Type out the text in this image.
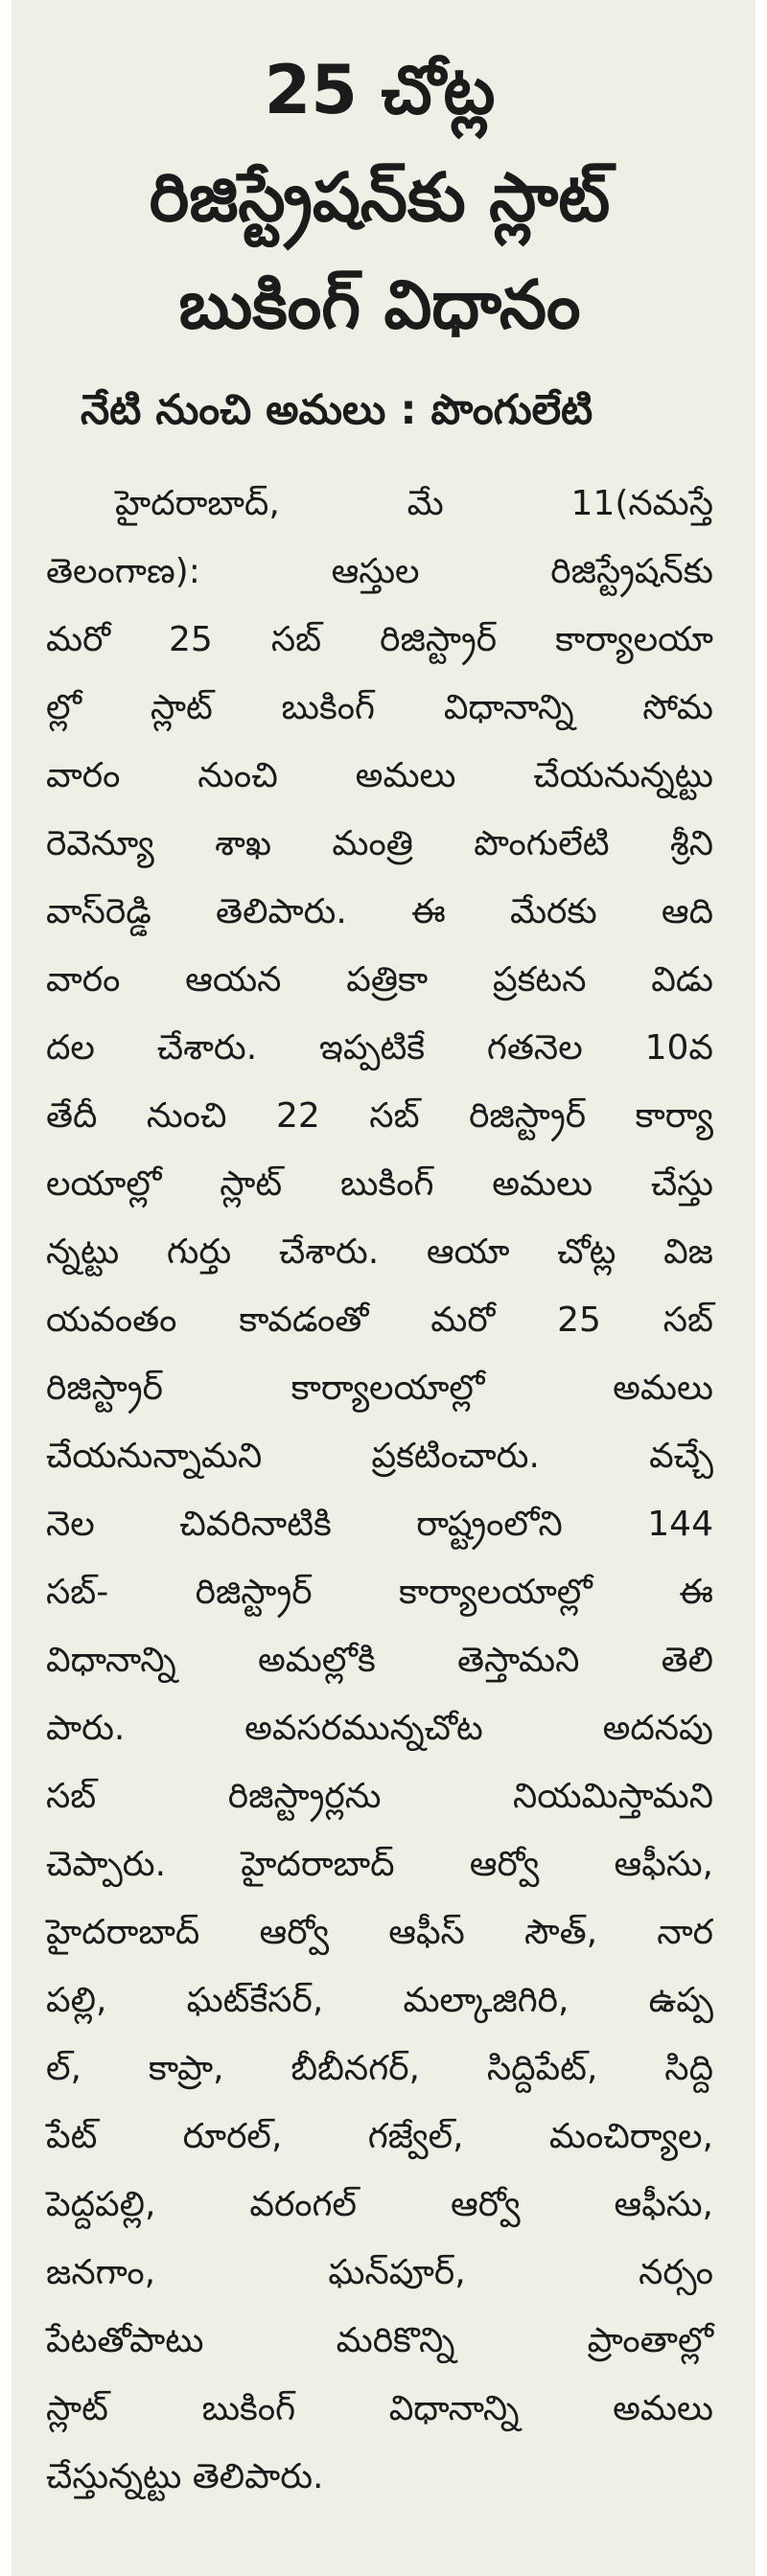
25 చోట్ల
రిజిస్ట్రేషన్‌కు స్లాట్‌
బుకింగ్‌ విధానం
నేటి నుంచి అమలు : పొంగులేటి
హైదరాబాద్‌, మే 11(నమస్తే
తెలంగాణ): ఆస్తుల రిజిస్ట్రేషన్‌కు
మరో 25 సబ్‌ రిజిస్ట్రార్‌ కార్యాలయా
ల్లో స్లాట్‌ బుకింగ్‌ విధానాన్ని సోమ
వారం నుంచి అమలు చేయనున్నట్టు
రెవెన్యూ శాఖ మంత్రి పొంగులేటి శ్రీని
వాస్‌రెడ్డి తెలిపారు. ఈ మేరకు ఆది
వారం ఆయన పత్రికా ప్రకటన విడు
దల చేశారు. ఇప్పటికే గతనెల 10వ
తేదీ నుంచి 22 సబ్‌ రిజిస్ట్రార్‌ కార్యా
లయాల్లో స్లాట్‌ బుకింగ్‌ అమలు చేస్తు
న్నట్టు గుర్తు చేశారు. ఆయా చోట్ల విజ
యవంతం కావడంతో మరో 25 సబ్‌
రిజిస్ట్రార్‌ కార్యాలయాల్లో అమలు
చేయనున్నామని ప్రకటించారు. వచ్చే
నెల చివరినాటికి రాష్ట్రంలోని 144
సబ్‌- రిజిస్ట్రార్‌ కార్యాలయాల్లో ఈ
విధానాన్ని అమల్లోకి తెస్తామని తెలి
పారు. అవసరమున్నచోట అదనపు
సబ్‌ రిజిస్ట్రార్లను నియమిస్తామని
చెప్పారు. హైదరాబాద్‌ ఆర్వో ఆఫీసు,
హైదరాబాద్‌ ఆర్వో ఆఫీస్‌ సౌత్‌, నార
పల్లి, ఘట్‌కేసర్‌, మల్కాజిగిరి, ఉప్ప
ల్‌, కాప్రా, బీబీనగర్‌, సిద్దిపేట్‌, సిద్ది
పేట్‌ రూరల్‌, గజ్వేల్‌, మంచిర్యాల,
పెద్దపల్లి, వరంగల్‌ ఆర్వో ఆఫీసు,
జనగాం, ఘన్‌పూర్‌, నర్సం
పేటతోపాటు మరికొన్ని ప్రాంతాల్లో
స్లాట్‌ బుకింగ్‌ విధానాన్ని అమలు
చేస్తున్నట్టు తెలిపారు.
